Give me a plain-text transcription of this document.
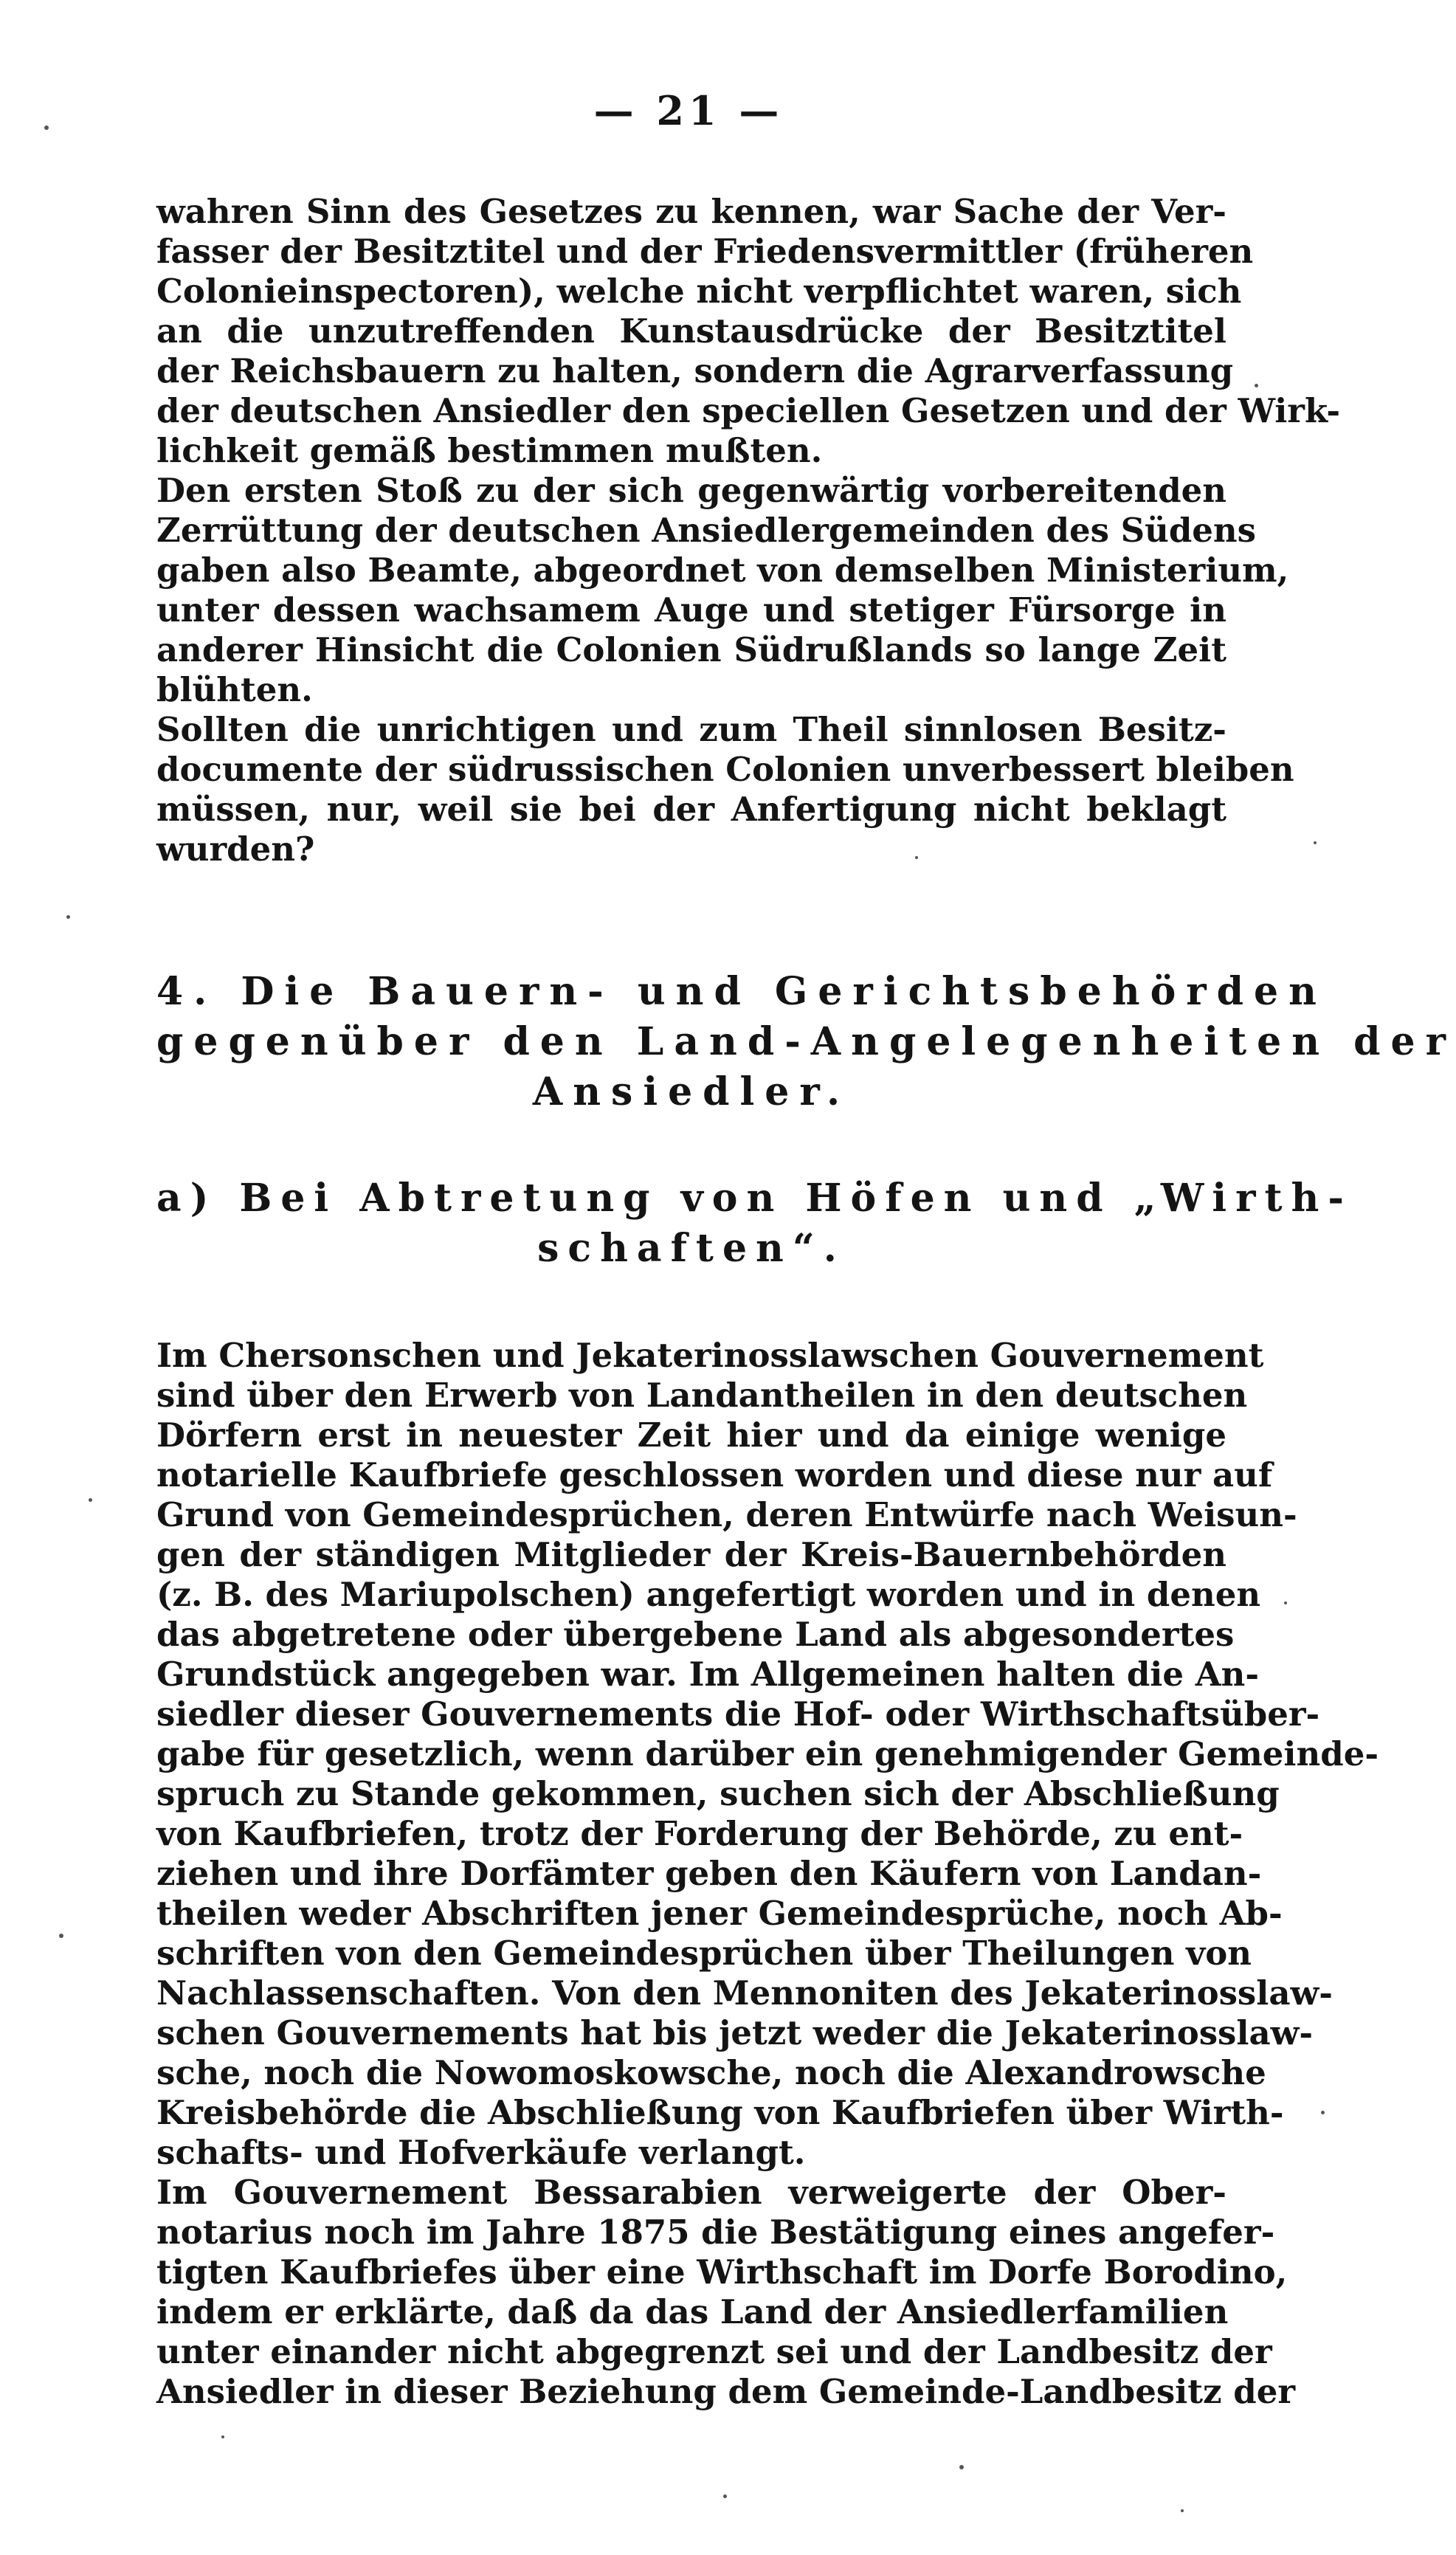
— 21 —
wahren Sinn des Gesetzes zu kennen, war Sache der Ver-
fasser der Besitztitel und der Friedensvermittler (früheren
Colonieinspectoren), welche nicht verpflichtet waren, sich
an die unzutreffenden Kunstausdrücke der Besitztitel
der Reichsbauern zu halten, sondern die Agrarverfassung
der deutschen Ansiedler den speciellen Gesetzen und der Wirk-
lichkeit gemäß bestimmen mußten.
Den ersten Stoß zu der sich gegenwärtig vorbereitenden
Zerrüttung der deutschen Ansiedlergemeinden des Südens
gaben also Beamte, abgeordnet von demselben Ministerium,
unter dessen wachsamem Auge und stetiger Fürsorge in
anderer Hinsicht die Colonien Südrußlands so lange Zeit
blühten.
Sollten die unrichtigen und zum Theil sinnlosen Besitz-
documente der südrussischen Colonien unverbessert bleiben
müssen, nur, weil sie bei der Anfertigung nicht beklagt
wurden?
4. Die Bauern- und Gerichtsbehörden
gegenüber den Land-Angelegenheiten der
Ansiedler.
a) Bei Abtretung von Höfen und „Wirth-
schaften“.
Im Chersonschen und Jekaterinosslawschen Gouvernement
sind über den Erwerb von Landantheilen in den deutschen
Dörfern erst in neuester Zeit hier und da einige wenige
notarielle Kaufbriefe geschlossen worden und diese nur auf
Grund von Gemeindesprüchen, deren Entwürfe nach Weisun-
gen der ständigen Mitglieder der Kreis-Bauernbehörden
(z. B. des Mariupolschen) angefertigt worden und in denen
das abgetretene oder übergebene Land als abgesondertes
Grundstück angegeben war. Im Allgemeinen halten die An-
siedler dieser Gouvernements die Hof- oder Wirthschaftsüber-
gabe für gesetzlich, wenn darüber ein genehmigender Gemeinde-
spruch zu Stande gekommen, suchen sich der Abschließung
von Kaufbriefen, trotz der Forderung der Behörde, zu ent-
ziehen und ihre Dorfämter geben den Käufern von Landan-
theilen weder Abschriften jener Gemeindesprüche, noch Ab-
schriften von den Gemeindesprüchen über Theilungen von
Nachlassenschaften. Von den Mennoniten des Jekaterinosslaw-
schen Gouvernements hat bis jetzt weder die Jekaterinosslaw-
sche, noch die Nowomoskowsche, noch die Alexandrowsche
Kreisbehörde die Abschließung von Kaufbriefen über Wirth-
schafts- und Hofverkäufe verlangt.
Im Gouvernement Bessarabien verweigerte der Ober-
notarius noch im Jahre 1875 die Bestätigung eines angefer-
tigten Kaufbriefes über eine Wirthschaft im Dorfe Borodino,
indem er erklärte, daß da das Land der Ansiedlerfamilien
unter einander nicht abgegrenzt sei und der Landbesitz der
Ansiedler in dieser Beziehung dem Gemeinde-Landbesitz der
